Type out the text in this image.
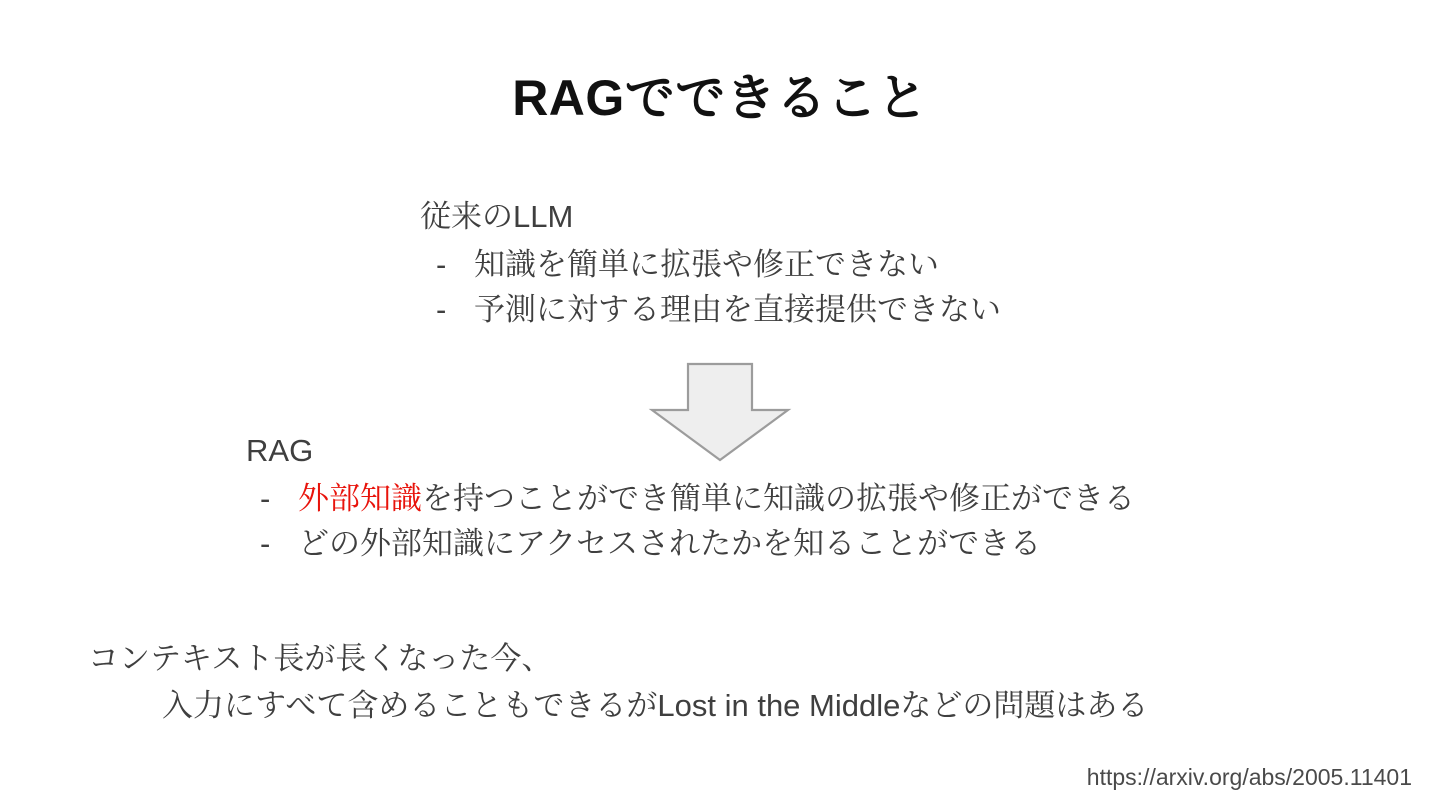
RAGでできること
従来のLLM
- 知識を簡単に拡張や修正できない
- 予測に対する理由を直接提供できない
RAG
- 外部知識を持つことができ簡単に知識の拡張や修正ができる
- どの外部知識にアクセスされたかを知ることができる
コンテキスト長が長くなった今、
入力にすべて含めることもできるがLost in the Middleなどの問題はある
https://arxiv.org/abs/2005.11401
